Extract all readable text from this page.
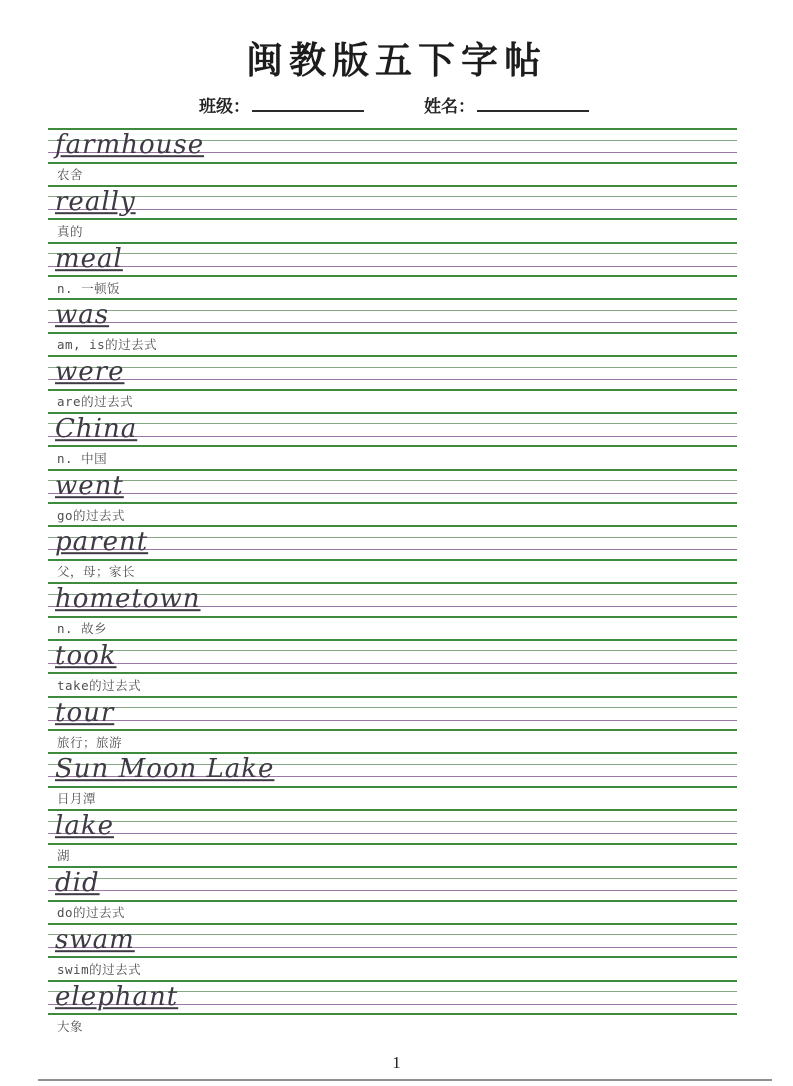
闽教版五下字帖
班级：	姓名：
farmhouse
农舍
really
真的
meal
n. 一顿饭
was
am, is的过去式
were
are的过去式
China
n. 中国
went
go的过去式
parent
父，母；家长
hometown
n. 故乡
took
take的过去式
tour
旅行；旅游
Sun Moon Lake
日月潭
lake
湖
did
do的过去式
swam
swim的过去式
elephant
大象
1
